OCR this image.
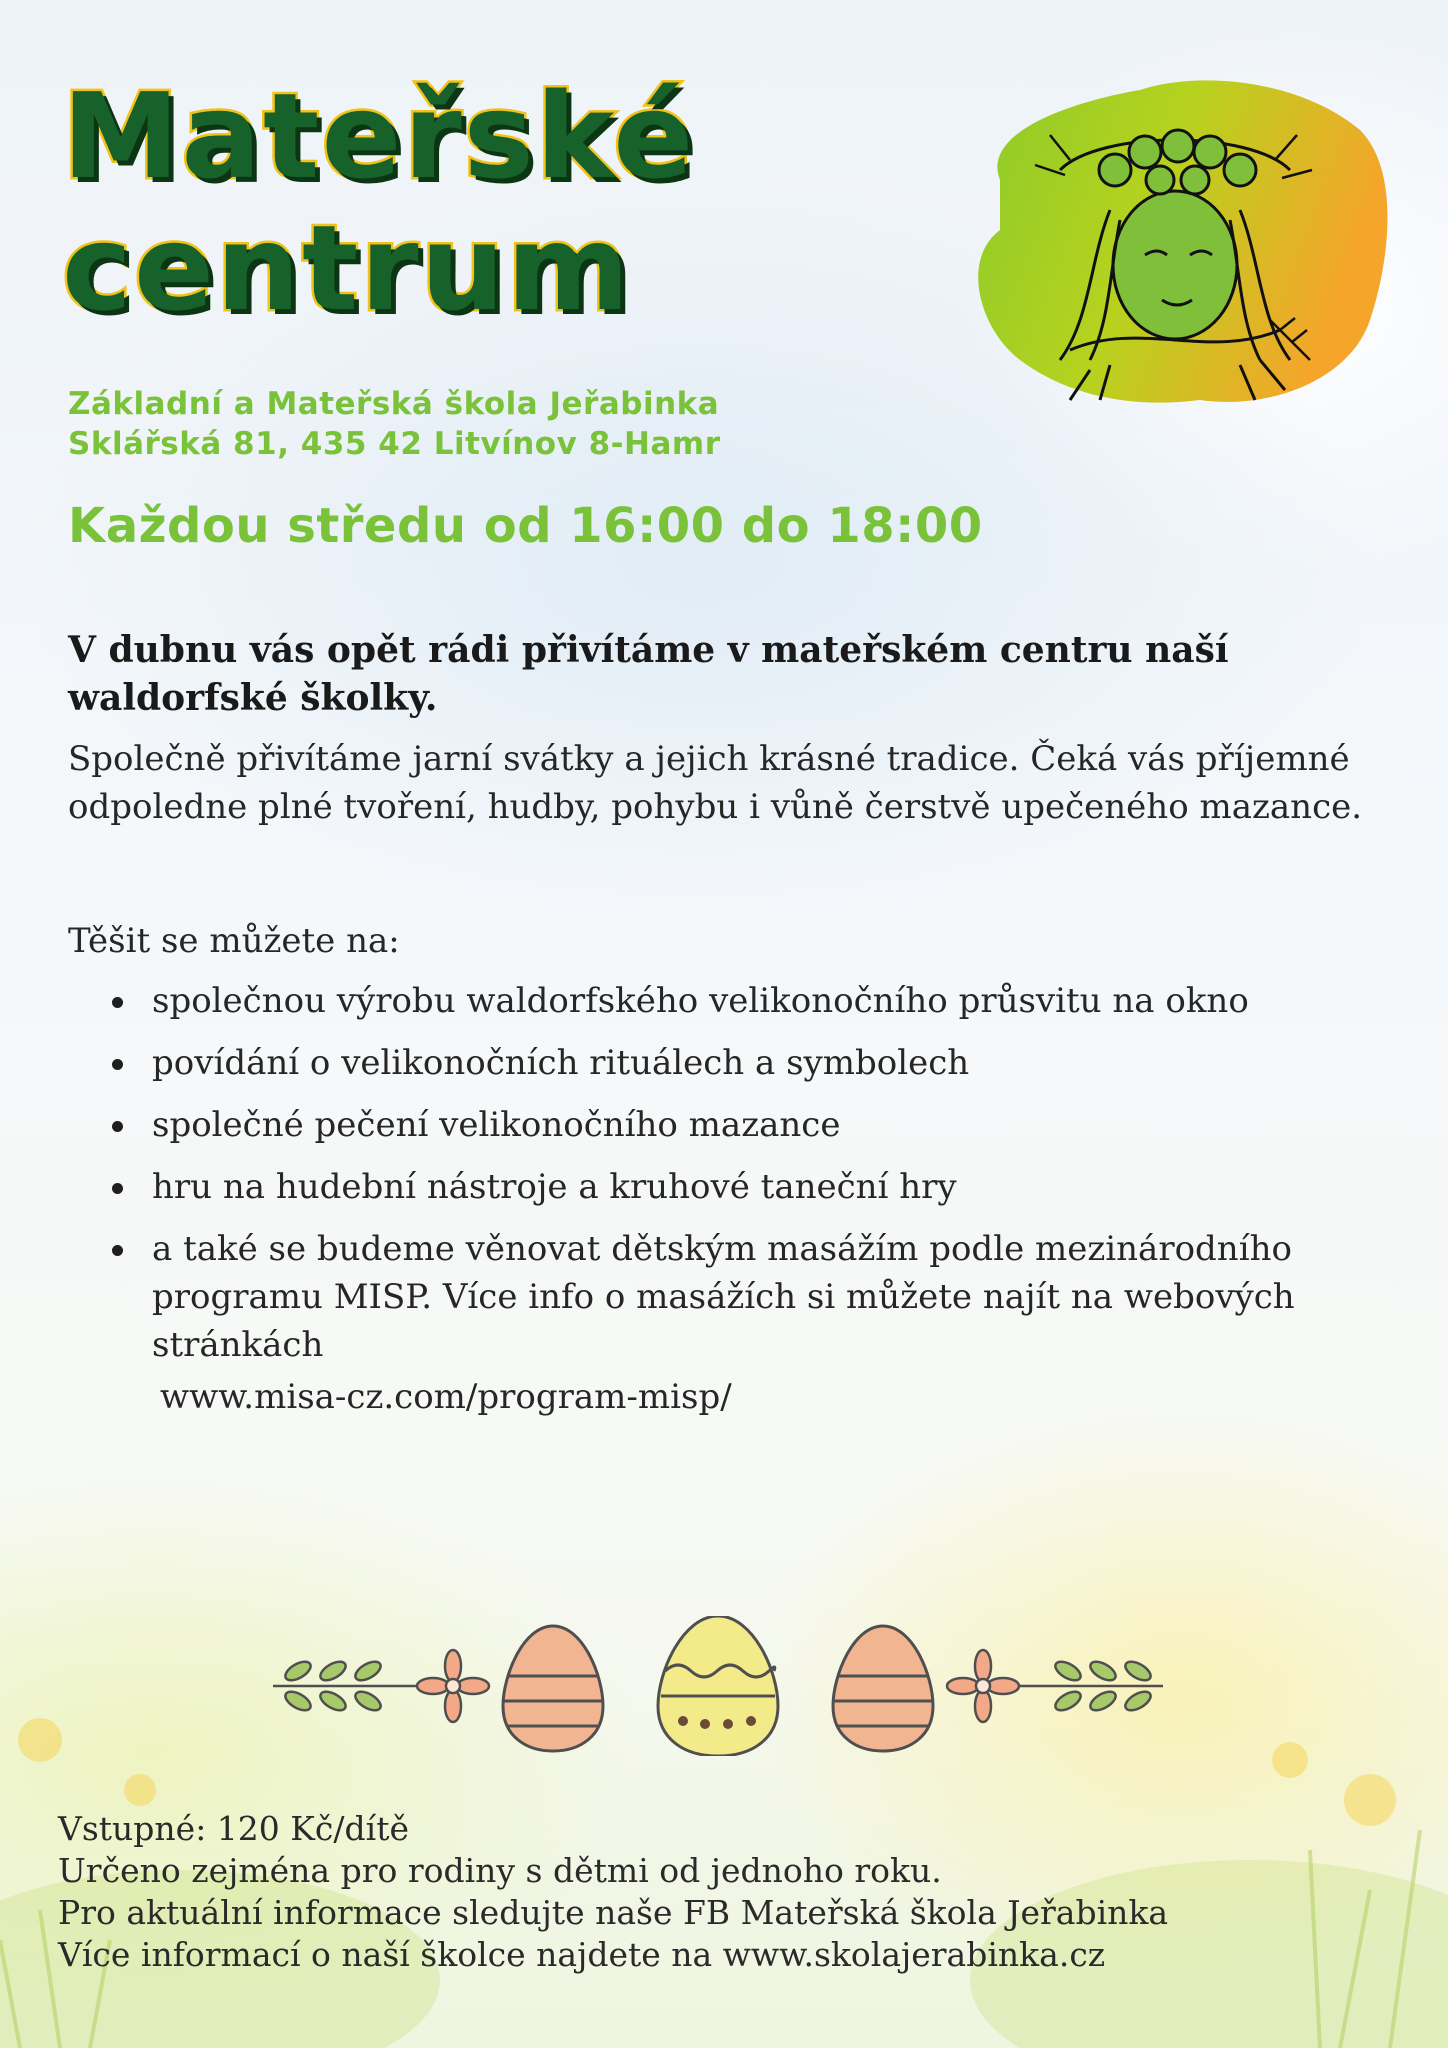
Mateřské
centrum
Základní a Mateřská škola Jeřabinka
Sklářská 81, 435 42 Litvínov 8-Hamr
Každou středu od 16:00 do 18:00
V dubnu vás opět rádi přivítáme v mateřském centru naší waldorfské školky.
Společně přivítáme jarní svátky a jejich krásné tradice. Čeká vás příjemné odpoledne plné tvoření, hudby, pohybu i vůně čerstvě upečeného mazance.
Těšit se můžete na:
společnou výrobu waldorfského velikonočního průsvitu na okno
povídání o velikonočních rituálech a symbolech
společné pečení velikonočního mazance
hru na hudební nástroje a kruhové taneční hry
a také se budeme věnovat dětským masážím podle mezinárodního programu MISP. Více info o masážích si můžete najít na webových stránkách
www.misa-cz.com/program-misp/
Vstupné: 120 Kč/dítě
Určeno zejména pro rodiny s dětmi od jednoho roku.
Pro aktuální informace sledujte naše FB Mateřská škola Jeřabinka
Více informací o naší školce najdete na www.skolajerabinka.cz
